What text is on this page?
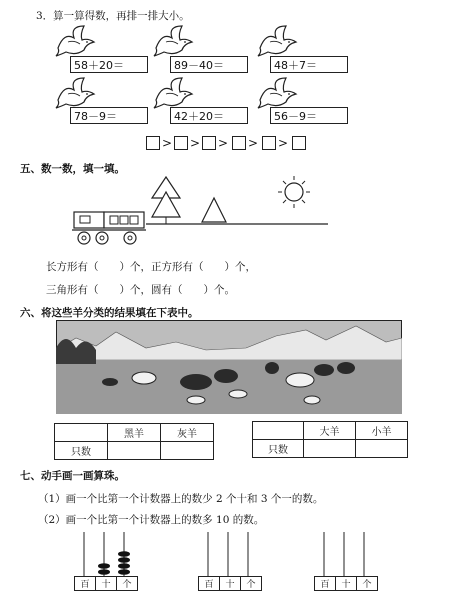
3．算一算得数，再排一排大小。
58＋20＝	89－40＝	48＋7＝
78－9＝	42＋20＝	56－9＝
> > > > >
五、数一数，填一填。
长方形有（　　）个，正方形有（　　）个，
三角形有（　　）个，圆有（　　）个。
六、将这些羊分类的结果填在下表中。
	黑羊	灰羊
只数		
	大羊	小羊
只数		
七、动手画一画算珠。
（1）画一个比第一个计数器上的数少 2 个十和 3 个一的数。
（2）画一个比第一个计数器上的数多 10 的数。
百	十	个	百	十	个	百	十	个
